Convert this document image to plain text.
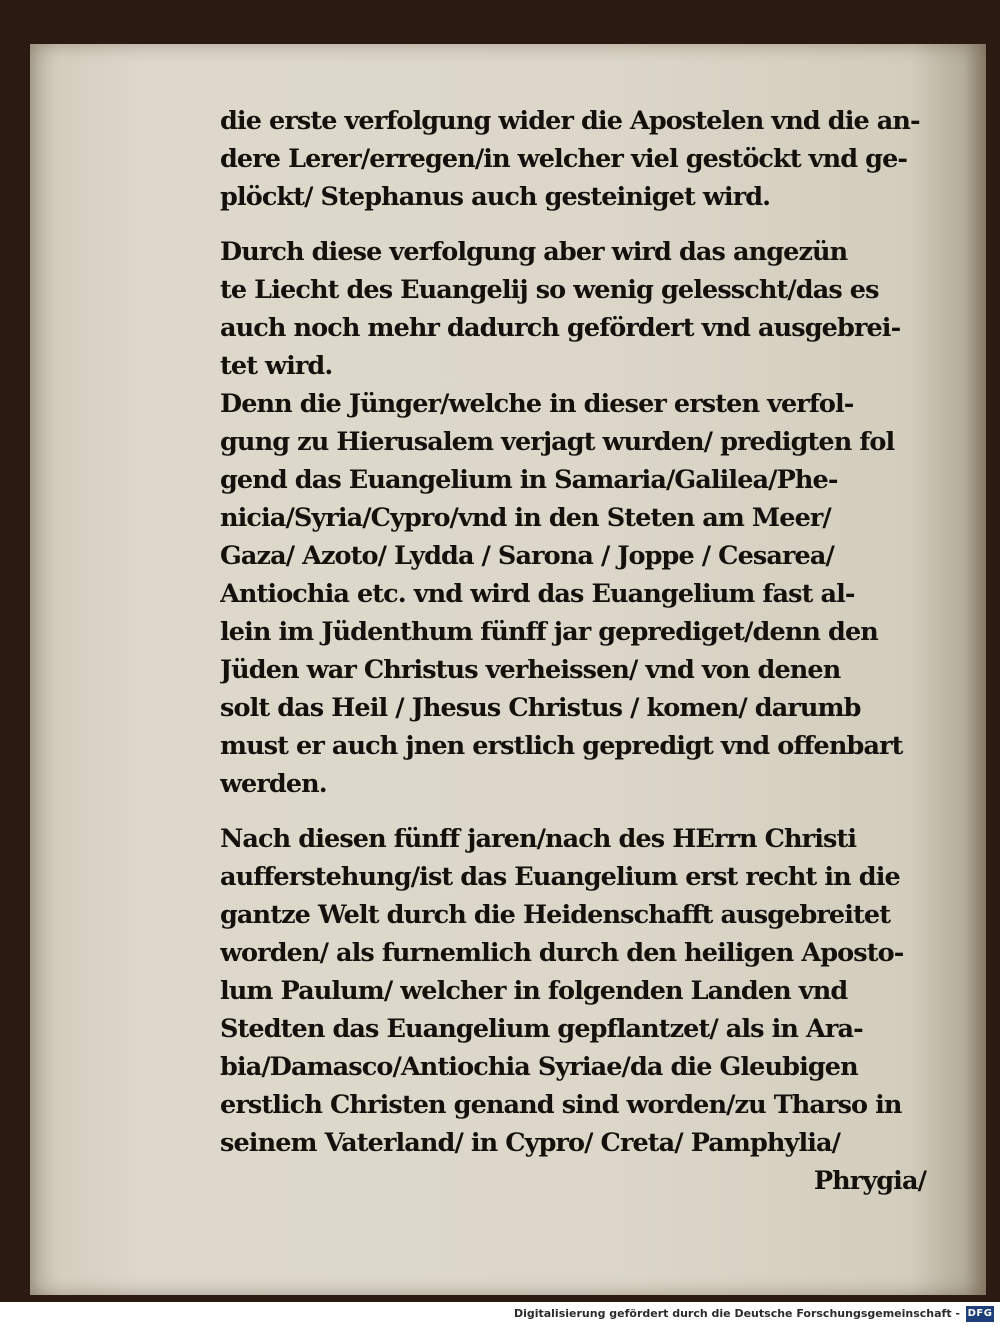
die erste verfolgung wider die Apostelen vnd die an-
dere Lerer/erregen/in welcher viel gestöckt vnd ge-
plöckt/ Stephanus auch gesteiniget wird.
Durch diese verfolgung aber wird das angezün
te Liecht des Euangelij so wenig gelesscht/das es
auch noch mehr dadurch gefördert vnd ausgebrei-
tet wird.
Denn die Jünger/welche in dieser ersten verfol-
gung zu Hierusalem verjagt wurden/ predigten fol
gend das Euangelium in Samaria/Galilea/Phe-
nicia/Syria/Cypro/vnd in den Steten am Meer/
Gaza/ Azoto/ Lydda / Sarona / Joppe / Cesarea/
Antiochia etc. vnd wird das Euangelium fast al-
lein im Jüdenthum fünff jar geprediget/denn den
Jüden war Christus verheissen/ vnd von denen
solt das Heil / Jhesus Christus / komen/ darumb
must er auch jnen erstlich gepredigt vnd offenbart
werden.
Nach diesen fünff jaren/nach des HErrn Christi
aufferstehung/ist das Euangelium erst recht in die
gantze Welt durch die Heidenschafft ausgebreitet
worden/ als furnemlich durch den heiligen Aposto-
lum Paulum/ welcher in folgenden Landen vnd
Stedten das Euangelium gepflantzet/ als in Ara-
bia/Damasco/Antiochia Syriae/da die Gleubigen
erstlich Christen genand sind worden/zu Tharso in
seinem Vaterland/ in Cypro/ Creta/ Pamphylia/
Phrygia/
Digitalisierung gefördert durch die Deutsche Forschungsgemeinschaft - DFG
